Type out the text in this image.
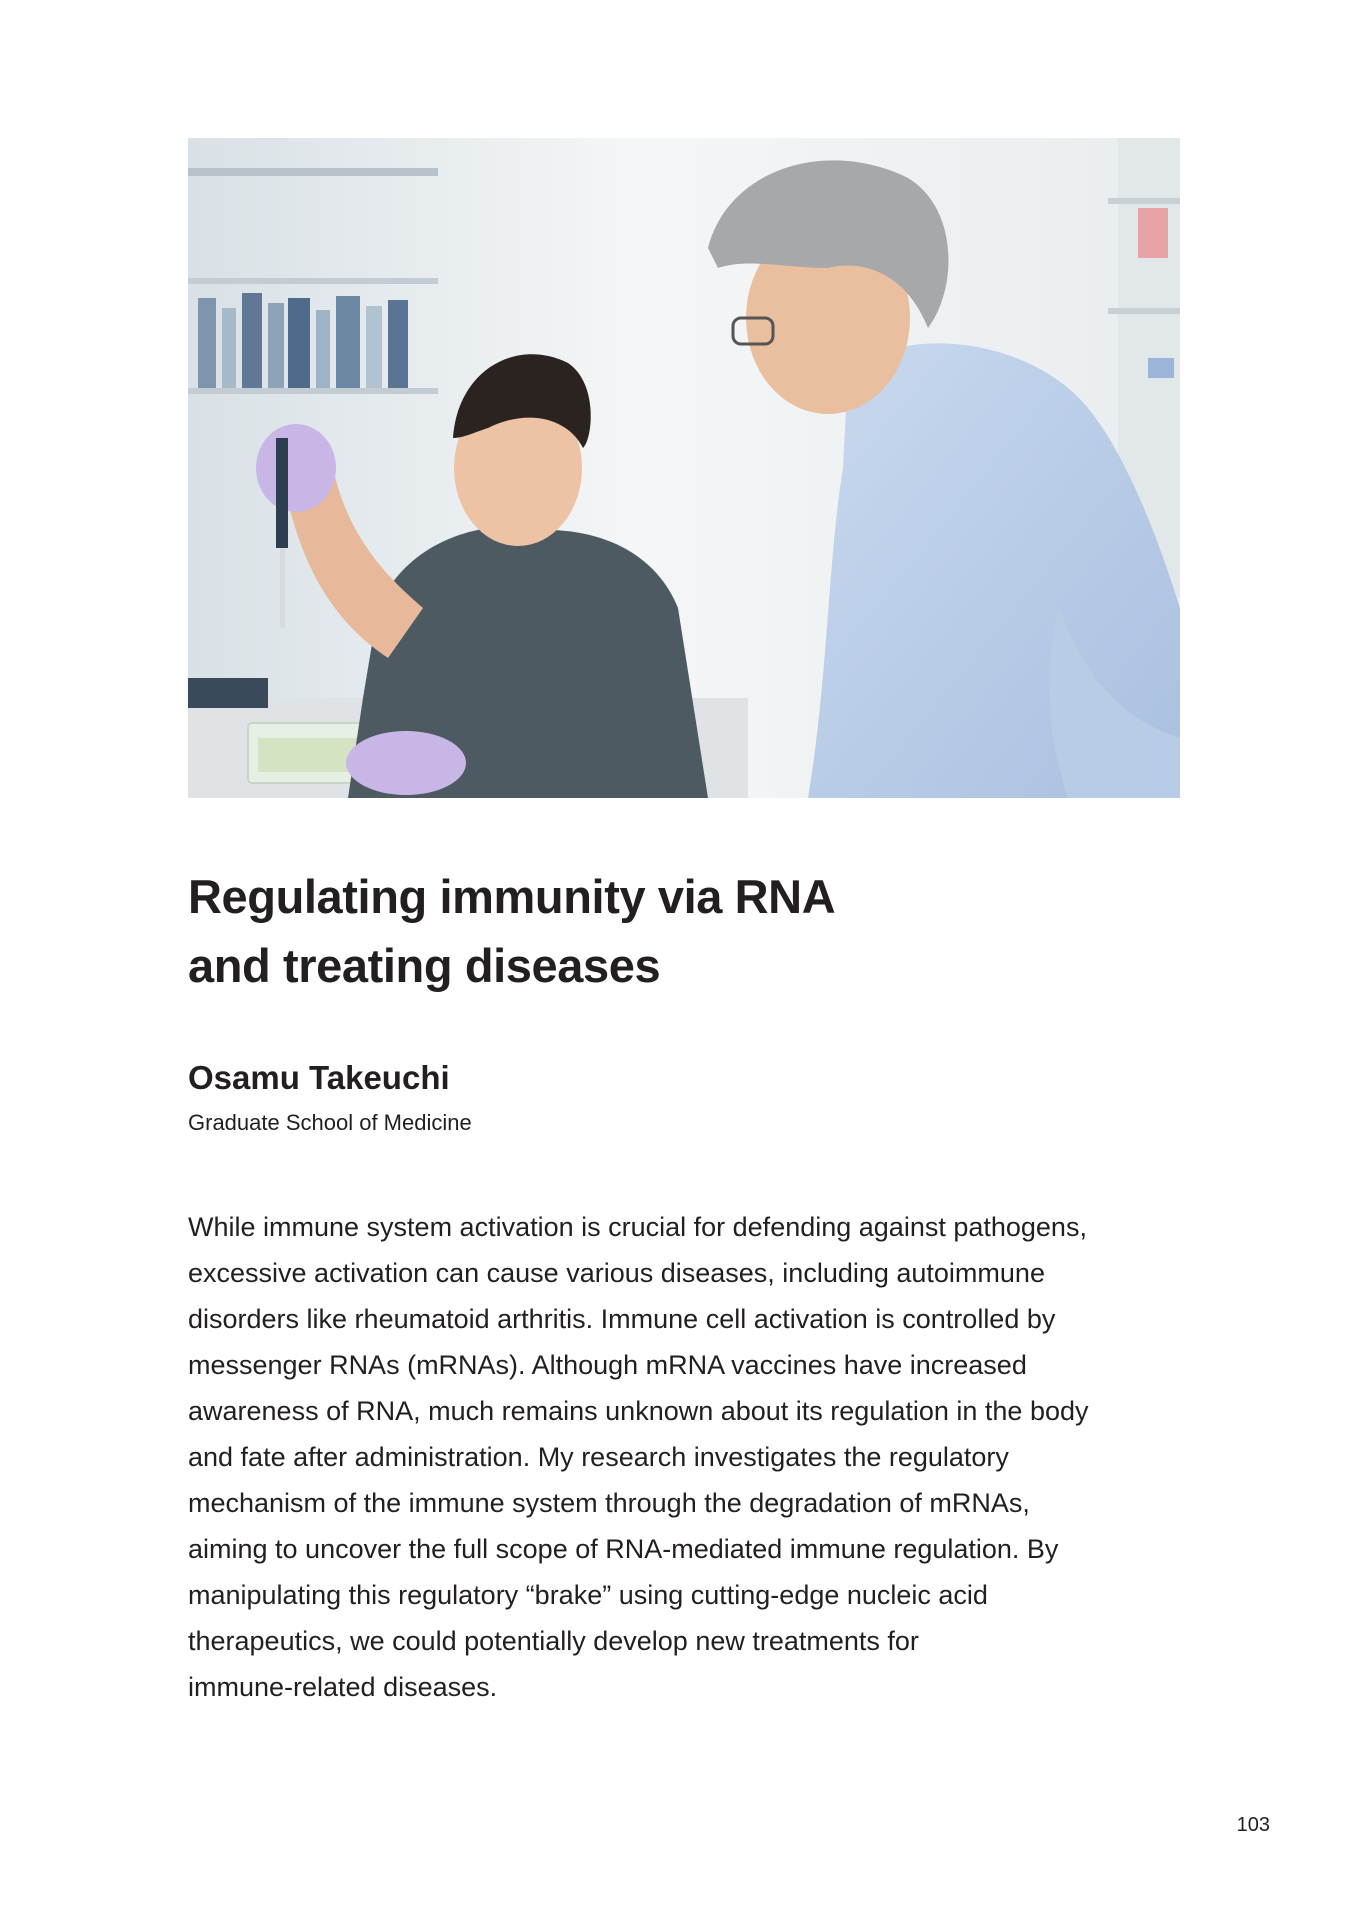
Regulating immunity via RNA
and treating diseases

Osamu Takeuchi

Graduate School of Medicine

While immune system activation is crucial for defending against pathogens,
excessive activation can cause various diseases, including autoimmune
disorders like rheumatoid arthritis. Immune cell activation is controlled by
messenger RNAs (mRNAs). Although mRNA vaccines have increased
awareness of RNA, much remains unknown about its regulation in the body
and fate after administration. My research investigates the regulatory
mechanism of the immune system through the degradation of mRNAs,
aiming to uncover the full scope of RNA-mediated immune regulation. By
manipulating this regulatory “brake” using cutting-edge nucleic acid
therapeutics, we could potentially develop new treatments for
immune-related diseases.
103
